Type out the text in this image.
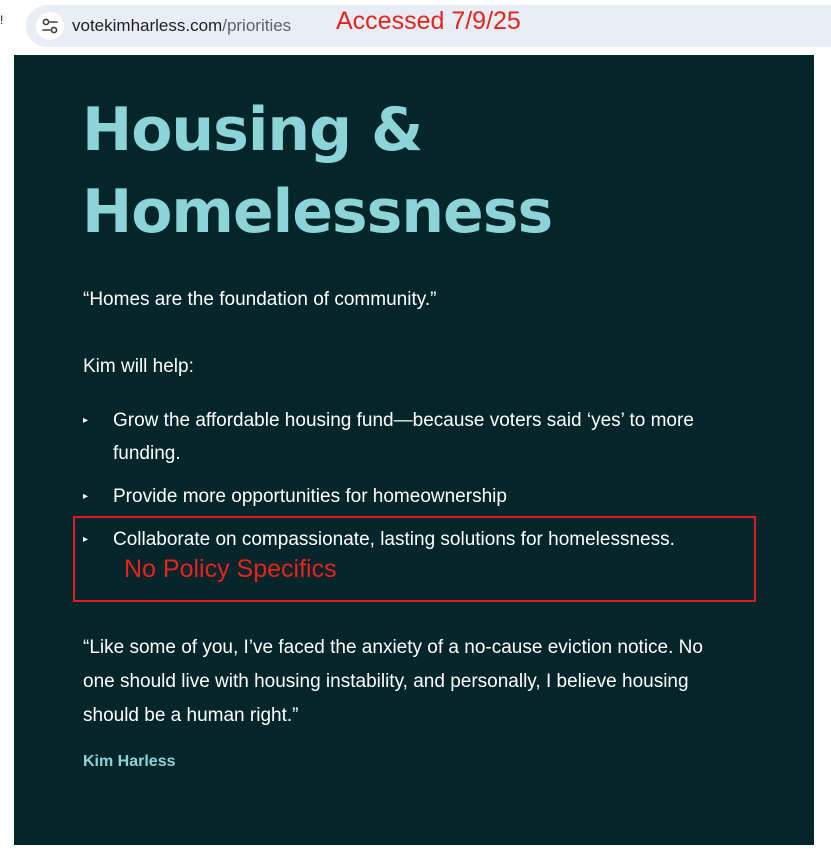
!	votekimharless.com/priorities Accessed 7/9/25
Housing &
Homelessness

“Homes are the foundation of community.”

Kim will help:

▸	Grow the affordable housing fund—because voters said ‘yes’ to more funding.
▸	Provide more opportunities for homeownership
▸	Collaborate on compassionate, lasting solutions for homelessness.

No Policy Specifics

“Like some of you, I’ve faced the anxiety of a no-cause eviction notice. No one should live with housing instability, and personally, I believe housing should be a human right.”

Kim Harless
